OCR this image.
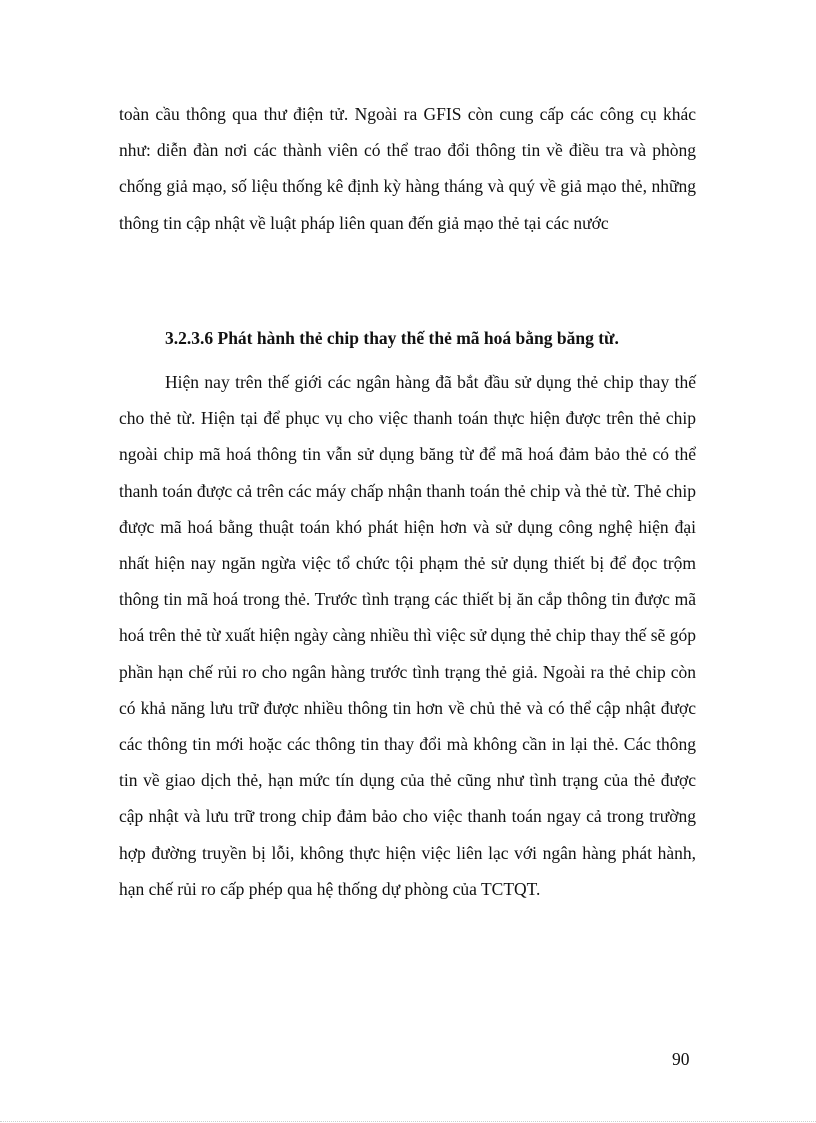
toàn cầu thông qua thư điện tử. Ngoài ra GFIS còn cung cấp các công cụ khác như: diễn đàn nơi các thành viên có thể trao đổi thông tin về điều tra và phòng chống giả mạo, số liệu thống kê định kỳ hàng tháng và quý về giả mạo thẻ, những thông tin cập nhật về luật pháp liên quan đến giả mạo thẻ tại các nước

3.2.3.6 Phát hành thẻ chip thay thế thẻ mã hoá bằng băng từ.

Hiện nay trên thế giới các ngân hàng đã bắt đầu sử dụng thẻ chip thay thế cho thẻ từ. Hiện tại để phục vụ cho việc thanh toán thực hiện được trên thẻ chip ngoài chip mã hoá thông tin vẫn sử dụng băng từ để mã hoá đảm bảo thẻ có thể thanh toán được cả trên các máy chấp nhận thanh toán thẻ chip và thẻ từ. Thẻ chip được mã hoá bằng thuật toán khó phát hiện hơn và sử dụng công nghệ hiện đại nhất hiện nay ngăn ngừa việc tổ chức tội phạm thẻ sử dụng thiết bị để đọc trộm thông tin mã hoá trong thẻ. Trước tình trạng các thiết bị ăn cắp thông tin được mã hoá trên thẻ từ xuất hiện ngày càng nhiều thì việc sử dụng thẻ chip thay thế sẽ góp phần hạn chế rủi ro cho ngân hàng trước tình trạng thẻ giả. Ngoài ra thẻ chip còn có khả năng lưu trữ được nhiều thông tin hơn về chủ thẻ và có thể cập nhật được các thông tin mới hoặc các thông tin thay đổi mà không cần in lại thẻ. Các thông tin về giao dịch thẻ, hạn mức tín dụng của thẻ cũng như tình trạng của thẻ được cập nhật và lưu trữ trong chip đảm bảo cho việc thanh toán ngay cả trong trường hợp đường truyền bị lỗi, không thực hiện việc liên lạc với ngân hàng phát hành, hạn chế rủi ro cấp phép qua hệ thống dự phòng của TCTQT.

90
